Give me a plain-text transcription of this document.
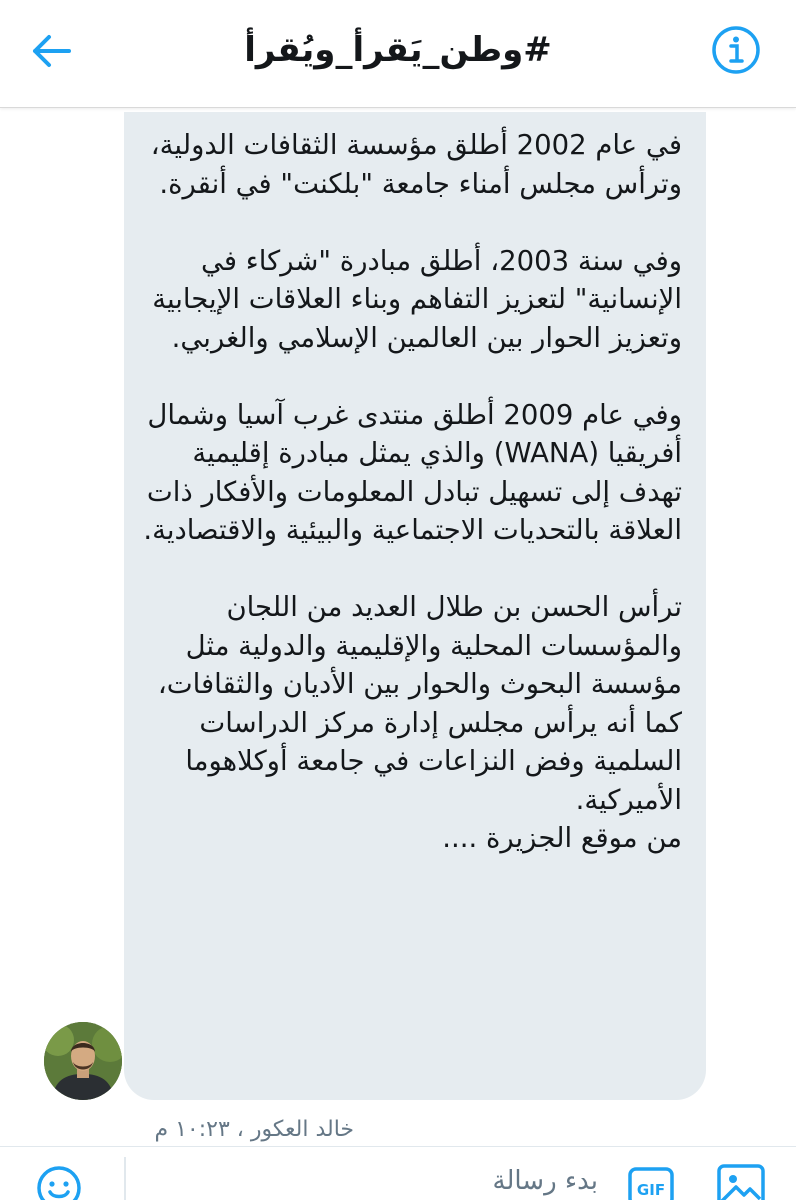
#وطن_يَقرأ_ويُقرأ
في عام 2002 أطلق مؤسسة الثقافات الدولية، وترأس مجلس أمناء جامعة "بلكنت" في أنقرة.

وفي سنة 2003، أطلق مبادرة "شركاء في الإنسانية" لتعزيز التفاهم وبناء العلاقات الإيجابية وتعزيز الحوار بين العالمين الإسلامي والغربي.

وفي عام 2009 أطلق منتدى غرب آسيا وشمال أفريقيا (WANA) والذي يمثل مبادرة إقليمية تهدف إلى تسهيل تبادل المعلومات والأفكار ذات العلاقة بالتحديات الاجتماعية والبيئية والاقتصادية.

ترأس الحسن بن طلال العديد من اللجان والمؤسسات المحلية والإقليمية والدولية مثل مؤسسة البحوث والحوار بين الأديان والثقافات، كما أنه يرأس مجلس إدارة مركز الدراسات السلمية وفض النزاعات في جامعة أوكلاهوما الأميركية.
من موقع الجزيرة ....
خالد العكور ، ١٠:٢٣ م
بدء رسالة
GIF
